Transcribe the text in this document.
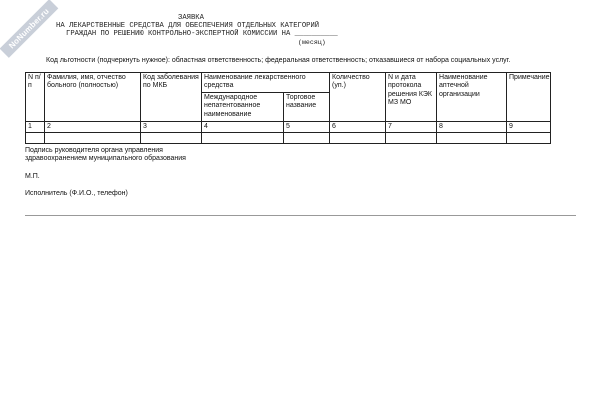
NoNumber.ru	ЗАЯВКА
НА ЛЕКАРСТВЕННЫЕ СРЕДСТВА ДЛЯ ОБЕСПЕЧЕНИЯ ОТДЕЛЬНЫХ КАТЕГОРИЙ
ГРАЖДАН ПО РЕШЕНИЮ КОНТРОЛЬНО-ЭКСПЕРТНОЙ КОМИССИИ НА __________
(месяц)
Код льготности (подчеркнуть нужное): областная ответственность; федеральная ответственность; отказавшиеся от набора социальных услуг.
N п/п	Фамилия, имя, отчество больного (полностью)	Код заболевания по МКБ	Наименование лекарственного средства		Количество (уп.)	N и дата протокола решения КЭК МЗ МО	Наименование аптечной организации	Примечание
			Международное непатентованное наименование	Торговое название				
1	2	3	4	5	6	7	8	9

Подпись руководителя органа управления
здравоохранением муниципального образования
М.П.
Исполнитель (Ф.И.О., телефон)
